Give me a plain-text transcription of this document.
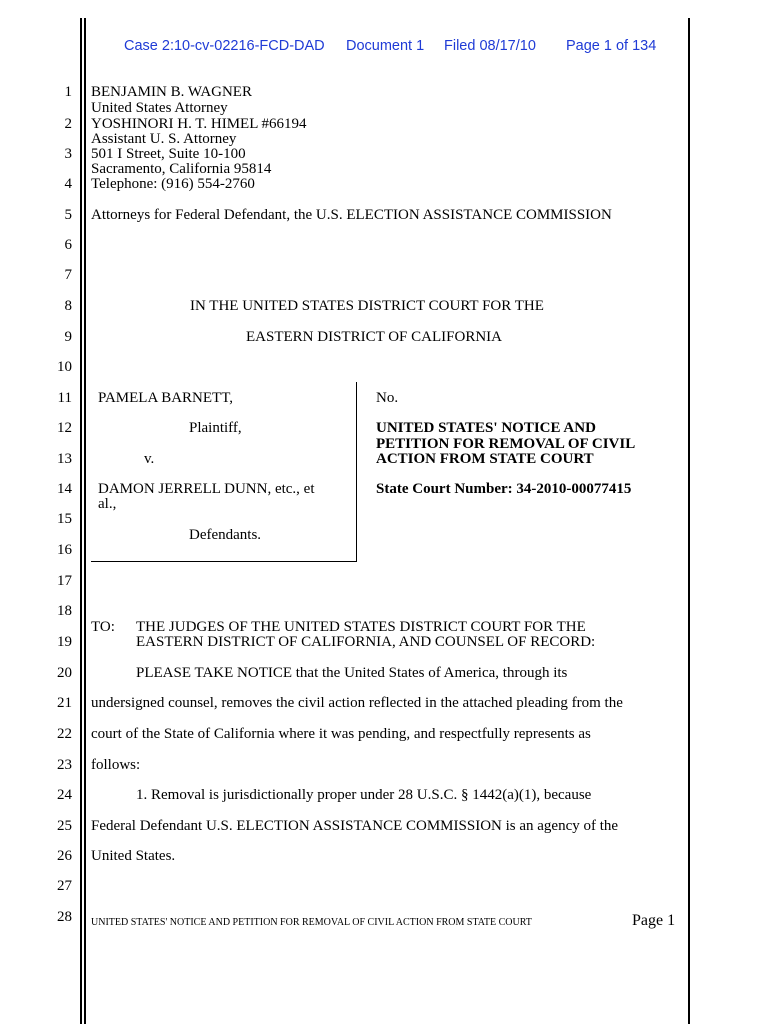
Case 2:10-cv-02216-FCD-DAD Document 1 Filed 08/17/10 Page 1 of 134
1
2
3
4
5
6
7
8
9
10
11
12
13
14
15
16
17
18
19
20
21
22
23
24
25
26
27
28
BENJAMIN B. WAGNER
United States Attorney
YOSHINORI H. T. HIMEL #66194
Assistant U. S. Attorney
501 I Street, Suite 10-100
Sacramento, California 95814
Telephone: (916) 554-2760
Attorneys for Federal Defendant, the U.S. ELECTION ASSISTANCE COMMISSION
IN THE UNITED STATES DISTRICT COURT FOR THE
EASTERN DISTRICT OF CALIFORNIA
PAMELA BARNETT,
Plaintiff,
v.
DAMON JERRELL DUNN, etc., et
al.,
Defendants.
No.
UNITED STATES' NOTICE AND
PETITION FOR REMOVAL OF CIVIL
ACTION FROM STATE COURT
State Court Number: 34-2010-00077415
TO: THE JUDGES OF THE UNITED STATES DISTRICT COURT FOR THE
EASTERN DISTRICT OF CALIFORNIA, AND COUNSEL OF RECORD:
PLEASE TAKE NOTICE that the United States of America, through its
undersigned counsel, removes the civil action reflected in the attached pleading from the
court of the State of California where it was pending, and respectfully represents as
follows:
1. Removal is jurisdictionally proper under 28 U.S.C. § 1442(a)(1), because
Federal Defendant U.S. ELECTION ASSISTANCE COMMISSION is an agency of the
United States.
UNITED STATES' NOTICE AND PETITION FOR REMOVAL OF CIVIL ACTION FROM STATE COURT	Page 1
